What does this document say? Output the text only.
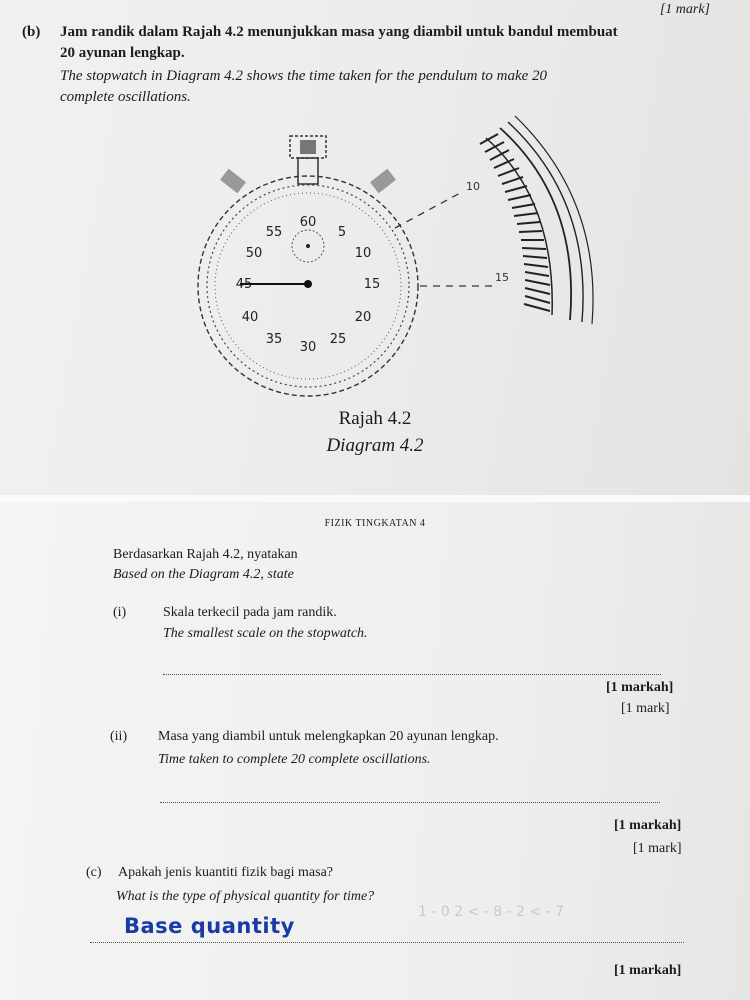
[1 mark]
(b) Jam randik dalam Rajah 4.2 menunjukkan masa yang diambil untuk bandul membuat
20 ayunan lengkap.
The stopwatch in Diagram 4.2 shows the time taken for the pendulum to make 20
complete oscillations.
60
5
10
15
20
25
30
35
40
45
50
55
10
15
Rajah 4.2
Diagram 4.2
FIZIK TINGKATAN 4
Berdasarkan Rajah 4.2, nyatakan
Based on the Diagram 4.2, state
(i)	Skala terkecil pada jam randik.
The smallest scale on the stopwatch.
[1 markah]
[1 mark]
(ii) Masa yang diambil untuk melengkapkan 20 ayunan lengkap.
Time taken to complete 20 complete oscillations.
[1 markah]
[1 mark]
(c) Apakah jenis kuantiti fizik bagi masa?
What is the type of physical quantity for time?
Base quantity
1 - 0 2 < - 8 - 2 < - 7
[1 markah]
